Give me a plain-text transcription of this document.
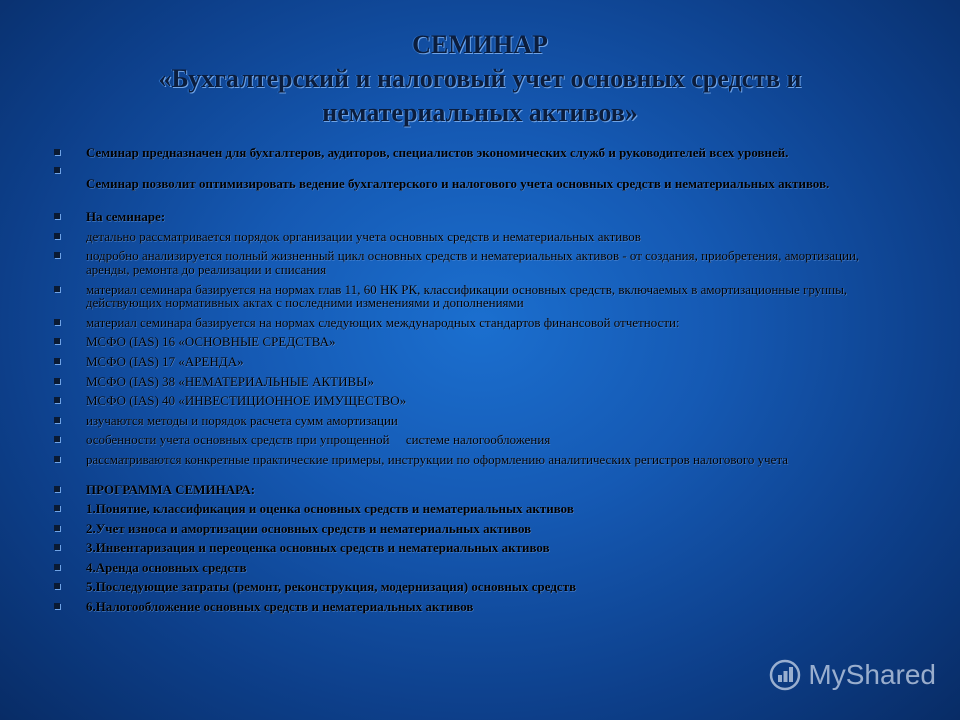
СЕМИНАР
«Бухгалтерский и налоговый учет основных средств и
нематериальных активов»
Семинар предназначен для бухгалтеров, аудиторов, специалистов экономических служб и руководителей всех уровней.
Семинар позволит оптимизировать ведение бухгалтерского и налогового учета основных средств и нематериальных активов.
На семинаре:
детально рассматривается порядок организации учета основных средств и нематериальных активов
подробно анализируется полный жизненный цикл основных средств и нематериальных активов - от создания, приобретения, амортизации, аренды, ремонта до реализации и списания
материал семинара базируется на нормах глав 11, 60 НК РК, классификации основных средств, включаемых в амортизационные группы, действующих нормативных актах с последними изменениями и дополнениями
материал семинара базируется на нормах следующих международных стандартов финансовой отчетности:
МСФО (IAS) 16 «ОСНОВНЫЕ СРЕДСТВА»
МСФО (IAS) 17 «АРЕНДА»
МСФО (IAS) 38 «НЕМАТЕРИАЛЬНЫЕ АКТИВЫ»
МСФО (IAS) 40 «ИНВЕСТИЦИОННОЕ ИМУЩЕСТВО»
изучаются методы и порядок расчета сумм амортизации
особенности учета основных средств при упрощенной     системе налогообложения
рассматриваются конкретные практические примеры, инструкции по оформлению аналитических регистров налогового учета
ПРОГРАММА СЕМИНАРА:
1.Понятие, классификация и оценка основных средств и нематериальных активов
2.Учет износа и амортизации основных средств и нематериальных активов
3.Инвентаризация и переоценка основных средств и нематериальных активов
4.Аренда основных средств
5.Последующие затраты (ремонт, реконструкция, модернизация) основных средств
6.Налогообложение основных средств и нематериальных активов
MyShared
